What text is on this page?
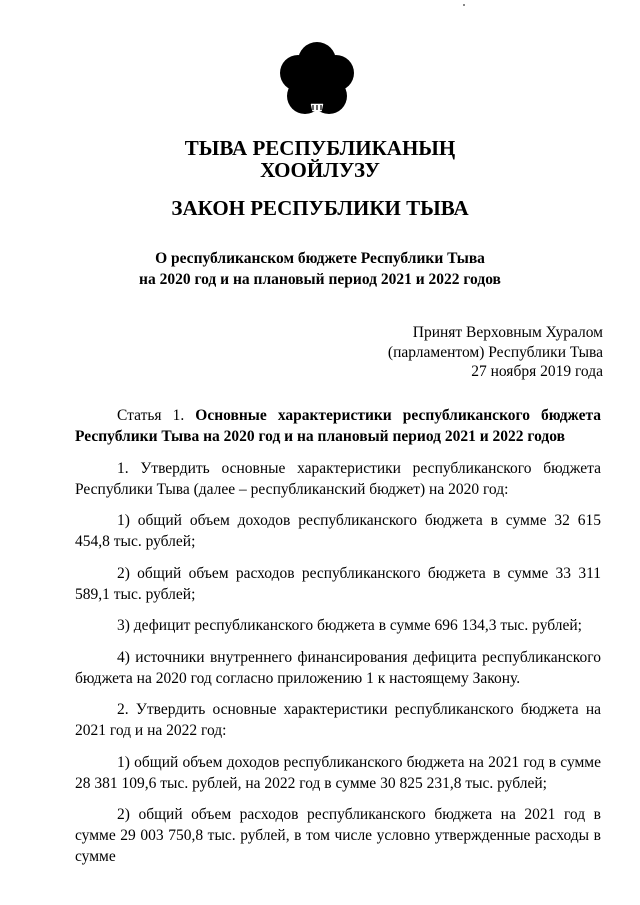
ТЫВА РЕСПУБЛИКАНЫҢ
ХООЙЛУЗУ
ЗАКОН РЕСПУБЛИКИ ТЫВА
О республиканском бюджете Республики Тыва
на 2020 год и на плановый период 2021 и 2022 годов
Принят Верховным Хуралом
(парламентом) Республики Тыва
27 ноября 2019 года

Статья 1. Основные характеристики республиканского бюджета Республики Тыва на 2020 год и на плановый период 2021 и 2022 годов

1. Утвердить основные характеристики республиканского бюджета Республики Тыва (далее – республиканский бюджет) на 2020 год:

1) общий объем доходов республиканского бюджета в сумме 32 615 454,8 тыс. рублей;

2) общий объем расходов республиканского бюджета в сумме 33 311 589,1 тыс. рублей;

3) дефицит республиканского бюджета в сумме 696 134,3 тыс. рублей;

4) источники внутреннего финансирования дефицита республиканского бюджета на 2020 год согласно приложению 1 к настоящему Закону.

2. Утвердить основные характеристики республиканского бюджета на 2021 год и на 2022 год:

1) общий объем доходов республиканского бюджета на 2021 год в сумме 28 381 109,6 тыс. рублей, на 2022 год в сумме 30 825 231,8 тыс. рублей;

2) общий объем расходов республиканского бюджета на 2021 год в сумме 29 003 750,8 тыс. рублей, в том числе условно утвержденные расходы в сумме
